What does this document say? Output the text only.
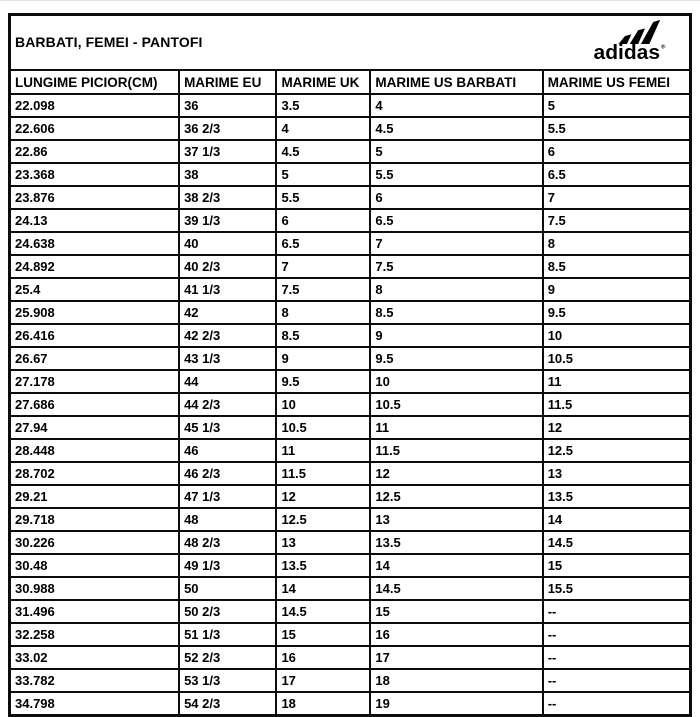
BARBATI, FEMEI - PANTOFI adidas®

LUNGIME PICIOR(CM)	MARIME EU	MARIME UK	MARIME US BARBATI	MARIME US FEMEI
22.098	36	3.5	4	5
22.606	36 2/3	4	4.5	5.5
22.86	37 1/3	4.5	5	6
23.368	38	5	5.5	6.5
23.876	38 2/3	5.5	6	7
24.13	39 1/3	6	6.5	7.5
24.638	40	6.5	7	8
24.892	40 2/3	7	7.5	8.5
25.4	41 1/3	7.5	8	9
25.908	42	8	8.5	9.5
26.416	42 2/3	8.5	9	10
26.67	43 1/3	9	9.5	10.5
27.178	44	9.5	10	11
27.686	44 2/3	10	10.5	11.5
27.94	45 1/3	10.5	11	12
28.448	46	11	11.5	12.5
28.702	46 2/3	11.5	12	13
29.21	47 1/3	12	12.5	13.5
29.718	48	12.5	13	14
30.226	48 2/3	13	13.5	14.5
30.48	49 1/3	13.5	14	15
30.988	50	14	14.5	15.5
31.496	50 2/3	14.5	15	--
32.258	51 1/3	15	16	--
33.02	52 2/3	16	17	--
33.782	53 1/3	17	18	--
34.798	54 2/3	18	19	--
